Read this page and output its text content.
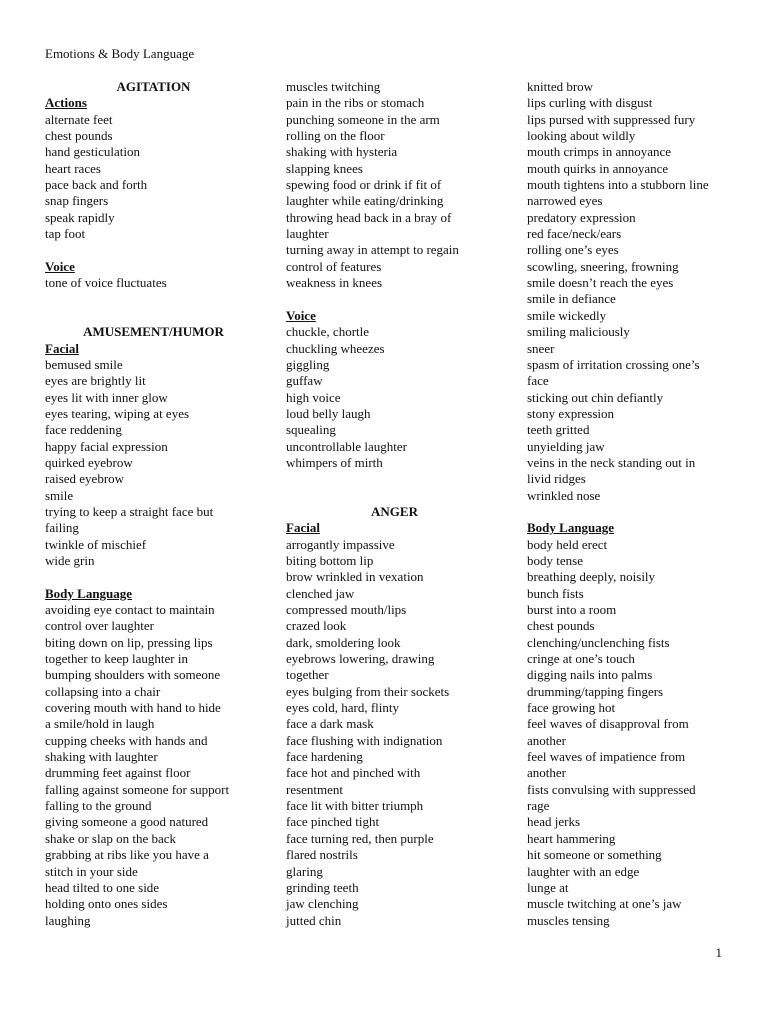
Emotions & Body Language
AGITATION
Actions
alternate feet
chest pounds
hand gesticulation
heart races
pace back and forth
snap fingers
speak rapidly
tap foot
Voice
tone of voice fluctuates
AMUSEMENT/HUMOR
Facial
bemused smile
eyes are brightly lit
eyes lit with inner glow
eyes tearing, wiping at eyes
face reddening
happy facial expression
quirked eyebrow
raised eyebrow
smile
trying to keep a straight face but
failing
twinkle of mischief
wide grin
Body Language
avoiding eye contact to maintain
control over laughter
biting down on lip, pressing lips
together to keep laughter in
bumping shoulders with someone
collapsing into a chair
covering mouth with hand to hide
a smile/hold in laugh
cupping cheeks with hands and
shaking with laughter
drumming feet against floor
falling against someone for support
falling to the ground
giving someone a good natured
shake or slap on the back
grabbing at ribs like you have a
stitch in your side
head tilted to one side
holding onto ones sides
laughing
muscles twitching
pain in the ribs or stomach
punching someone in the arm
rolling on the floor
shaking with hysteria
slapping knees
spewing food or drink if fit of
laughter while eating/drinking
throwing head back in a bray of
laughter
turning away in attempt to regain
control of features
weakness in knees
Voice
chuckle, chortle
chuckling wheezes
giggling
guffaw
high voice
loud belly laugh
squealing
uncontrollable laughter
whimpers of mirth
ANGER
Facial
arrogantly impassive
biting bottom lip
brow wrinkled in vexation
clenched jaw
compressed mouth/lips
crazed look
dark, smoldering look
eyebrows lowering, drawing
together
eyes bulging from their sockets
eyes cold, hard, flinty
face a dark mask
face flushing with indignation
face hardening
face hot and pinched with
resentment
face lit with bitter triumph
face pinched tight
face turning red, then purple
flared nostrils
glaring
grinding teeth
jaw clenching
jutted chin
knitted brow
lips curling with disgust
lips pursed with suppressed fury
looking about wildly
mouth crimps in annoyance
mouth quirks in annoyance
mouth tightens into a stubborn line
narrowed eyes
predatory expression
red face/neck/ears
rolling one’s eyes
scowling, sneering, frowning
smile doesn’t reach the eyes
smile in defiance
smile wickedly
smiling maliciously
sneer
spasm of irritation crossing one’s
face
sticking out chin defiantly
stony expression
teeth gritted
unyielding jaw
veins in the neck standing out in
livid ridges
wrinkled nose
Body Language
body held erect
body tense
breathing deeply, noisily
bunch fists
burst into a room
chest pounds
clenching/unclenching fists
cringe at one’s touch
digging nails into palms
drumming/tapping fingers
face growing hot
feel waves of disapproval from
another
feel waves of impatience from
another
fists convulsing with suppressed
rage
head jerks
heart hammering
hit someone or something
laughter with an edge
lunge at
muscle twitching at one’s jaw
muscles tensing
1
